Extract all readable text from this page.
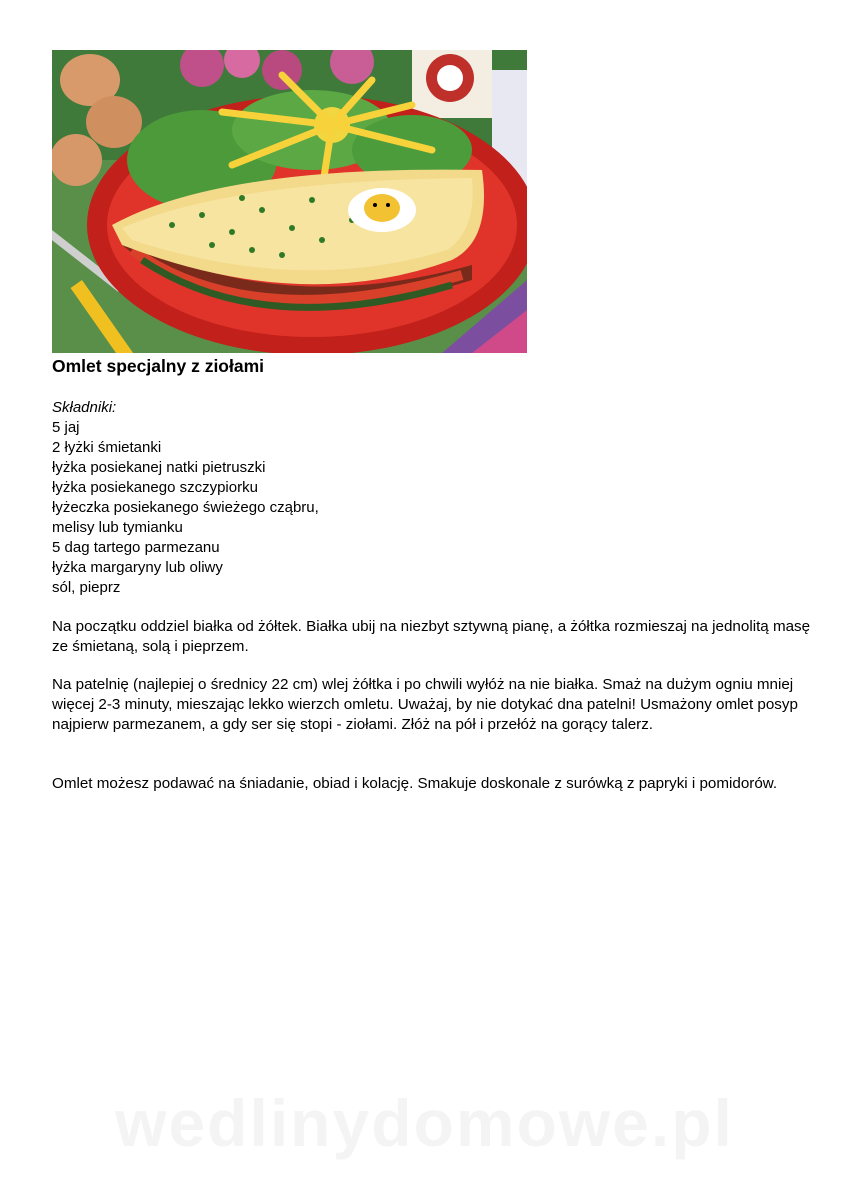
Omlet specjalny z ziołami
Składniki:
5 jaj
2 łyżki śmietanki
łyżka posiekanej natki pietruszki
łyżka posiekanego szczypiorku
łyżeczka posiekanego świeżego cząbru,
melisy lub tymianku
5 dag tartego parmezanu
łyżka margaryny lub oliwy
sól, pieprz

Na początku oddziel białka od żółtek. Białka ubij na niezbyt sztywną pianę, a żółtka rozmieszaj na jednolitą masę ze śmietaną, solą i pieprzem.

Na patelnię (najlepiej o średnicy 22 cm) wlej żółtka i po chwili wyłóż na nie białka. Smaż na dużym ogniu mniej więcej 2-3 minuty, mieszając lekko wierzch omletu. Uważaj, by nie dotykać dna patelni! Usmażony omlet posyp najpierw parmezanem, a gdy ser się stopi - ziołami. Złóż na pół i przełóż na gorący talerz.

Omlet możesz podawać na śniadanie, obiad i kolację. Smakuje doskonale z surówką z papryki i pomidorów.

wedlinydomowe.pl
